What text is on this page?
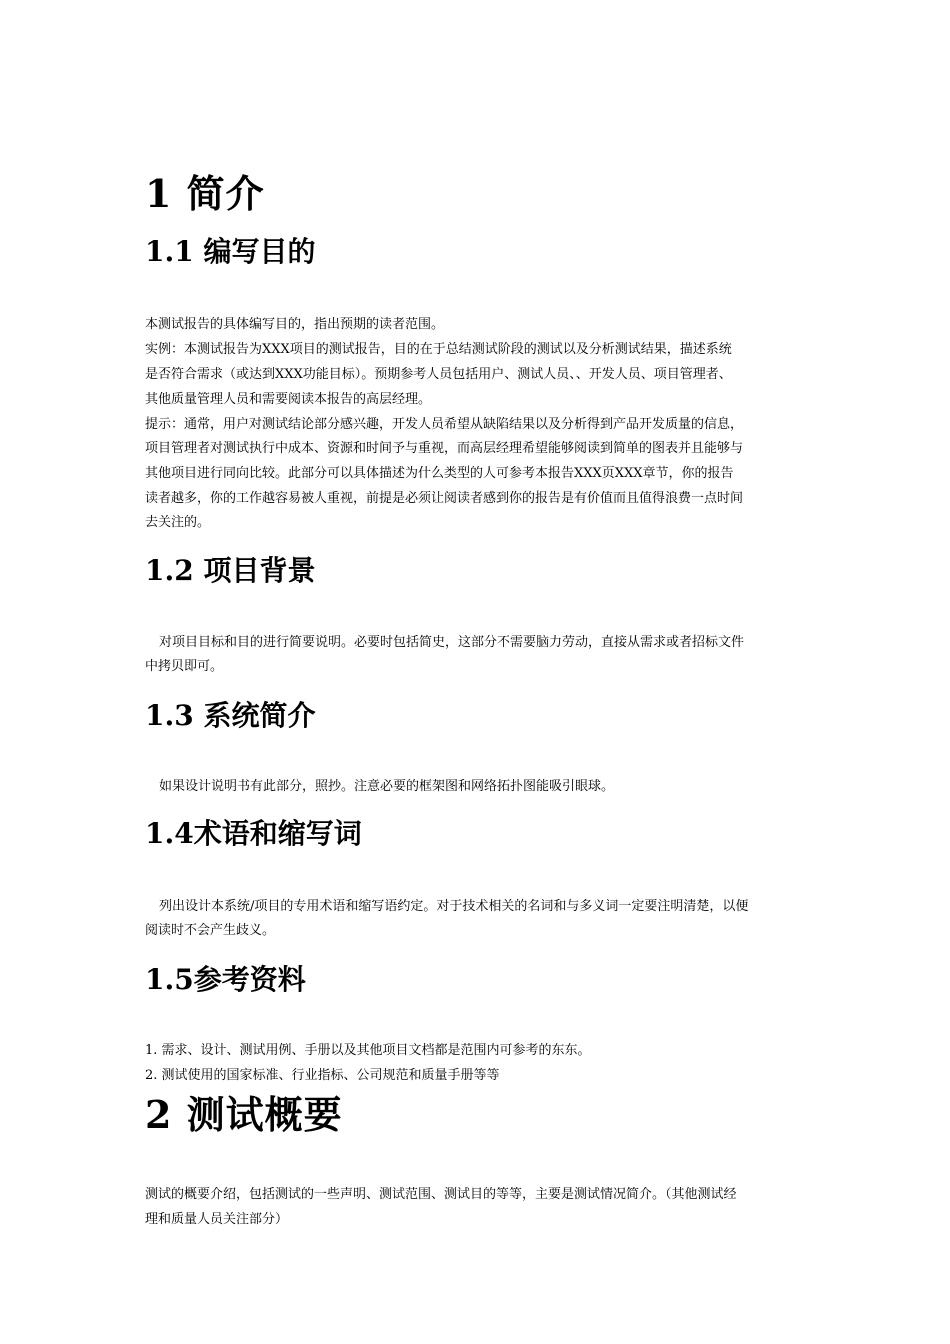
1 简介
1.1 编写目的

本测试报告的具体编写目的，指出预期的读者范围。

实例：本测试报告为XXX项目的测试报告，目的在于总结测试阶段的测试以及分析测试结果，描述系统

是否符合需求（或达到XXX功能目标）。预期参考人员包括用户、测试人员、、开发人员、项目管理者、

其他质量管理人员和需要阅读本报告的高层经理。

提示：通常，用户对测试结论部分感兴趣，开发人员希望从缺陷结果以及分析得到产品开发质量的信息，

项目管理者对测试执行中成本、资源和时间予与重视，而高层经理希望能够阅读到简单的图表并且能够与

其他项目进行同向比较。此部分可以具体描述为什么类型的人可参考本报告XXX页XXX章节，你的报告

读者越多，你的工作越容易被人重视，前提是必须让阅读者感到你的报告是有价值而且值得浪费一点时间

去关注的。

1.2 项目背景

对项目目标和目的进行简要说明。必要时包括简史，这部分不需要脑力劳动，直接从需求或者招标文件

中拷贝即可。

1.3 系统简介

如果设计说明书有此部分，照抄。注意必要的框架图和网络拓扑图能吸引眼球。

1.4术语和缩写词

列出设计本系统/项目的专用术语和缩写语约定。对于技术相关的名词和与多义词一定要注明清楚，以便

阅读时不会产生歧义。

1.5参考资料

1. 需求、设计、测试用例、手册以及其他项目文档都是范围内可参考的东东。

2. 测试使用的国家标准、行业指标、公司规范和质量手册等等

2 测试概要

测试的概要介绍，包括测试的一些声明、测试范围、测试目的等等，主要是测试情况简介。（其他测试经

理和质量人员关注部分）
